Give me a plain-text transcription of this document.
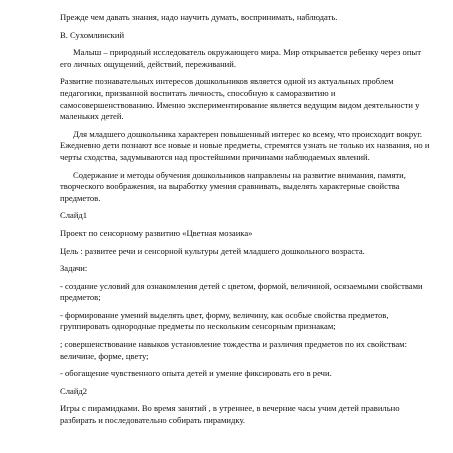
Прежде чем давать знания, надо научить думать, воспринимать, наблюдать.

В. Сухомлинский

Малыш – природный исследователь окружающего мира. Мир открывается ребенку через опыт его личных ощущений, действий, переживаний.

Развитие познавательных интересов дошкольников является одной из актуальных проблем педагогики, призванной воспитать личность, способную к саморазвитию и самосовершенствованию. Именно экспериментирование является ведущим видом деятельности у маленьких детей.

Для младшего дошкольника характерен повышенный интерес ко всему, что происходит вокруг. Ежедневно дети познают все новые и новые предметы, стремятся узнать не только их названия, но и черты сходства, задумываются над простейшими причинами наблюдаемых явлений.

Содержание и методы обучения дошкольников направлены на развитие внимания, памяти, творческого воображения, на выработку умения сравнивать, выделять характерные свойства предметов.

Слайд1

Проект по сенсорному развитию «Цветная мозаика»

Цель : развитее речи и сенсорной культуры детей младшего дошкольного возраста.

Задачи:

- создание условий для ознакомления детей с цветом, формой, величиной, осязаемыми свойствами предметов;

- формирование умений выделять цвет, форму, величину, как особые свойства предметов, группировать однородные предметы по нескольким сенсорным признакам;

; совершенствование навыков установление тождества и различия предметов по их свойствам: величине, форме, цвету;

- обогащение чувственного опыта детей и умение фиксировать его в речи.

Слайд2

Игры с пирамидками. Во время занятий , в утреннее, в вечерние часы учим детей правильно разбирать и последовательно собирать пирамидку.
